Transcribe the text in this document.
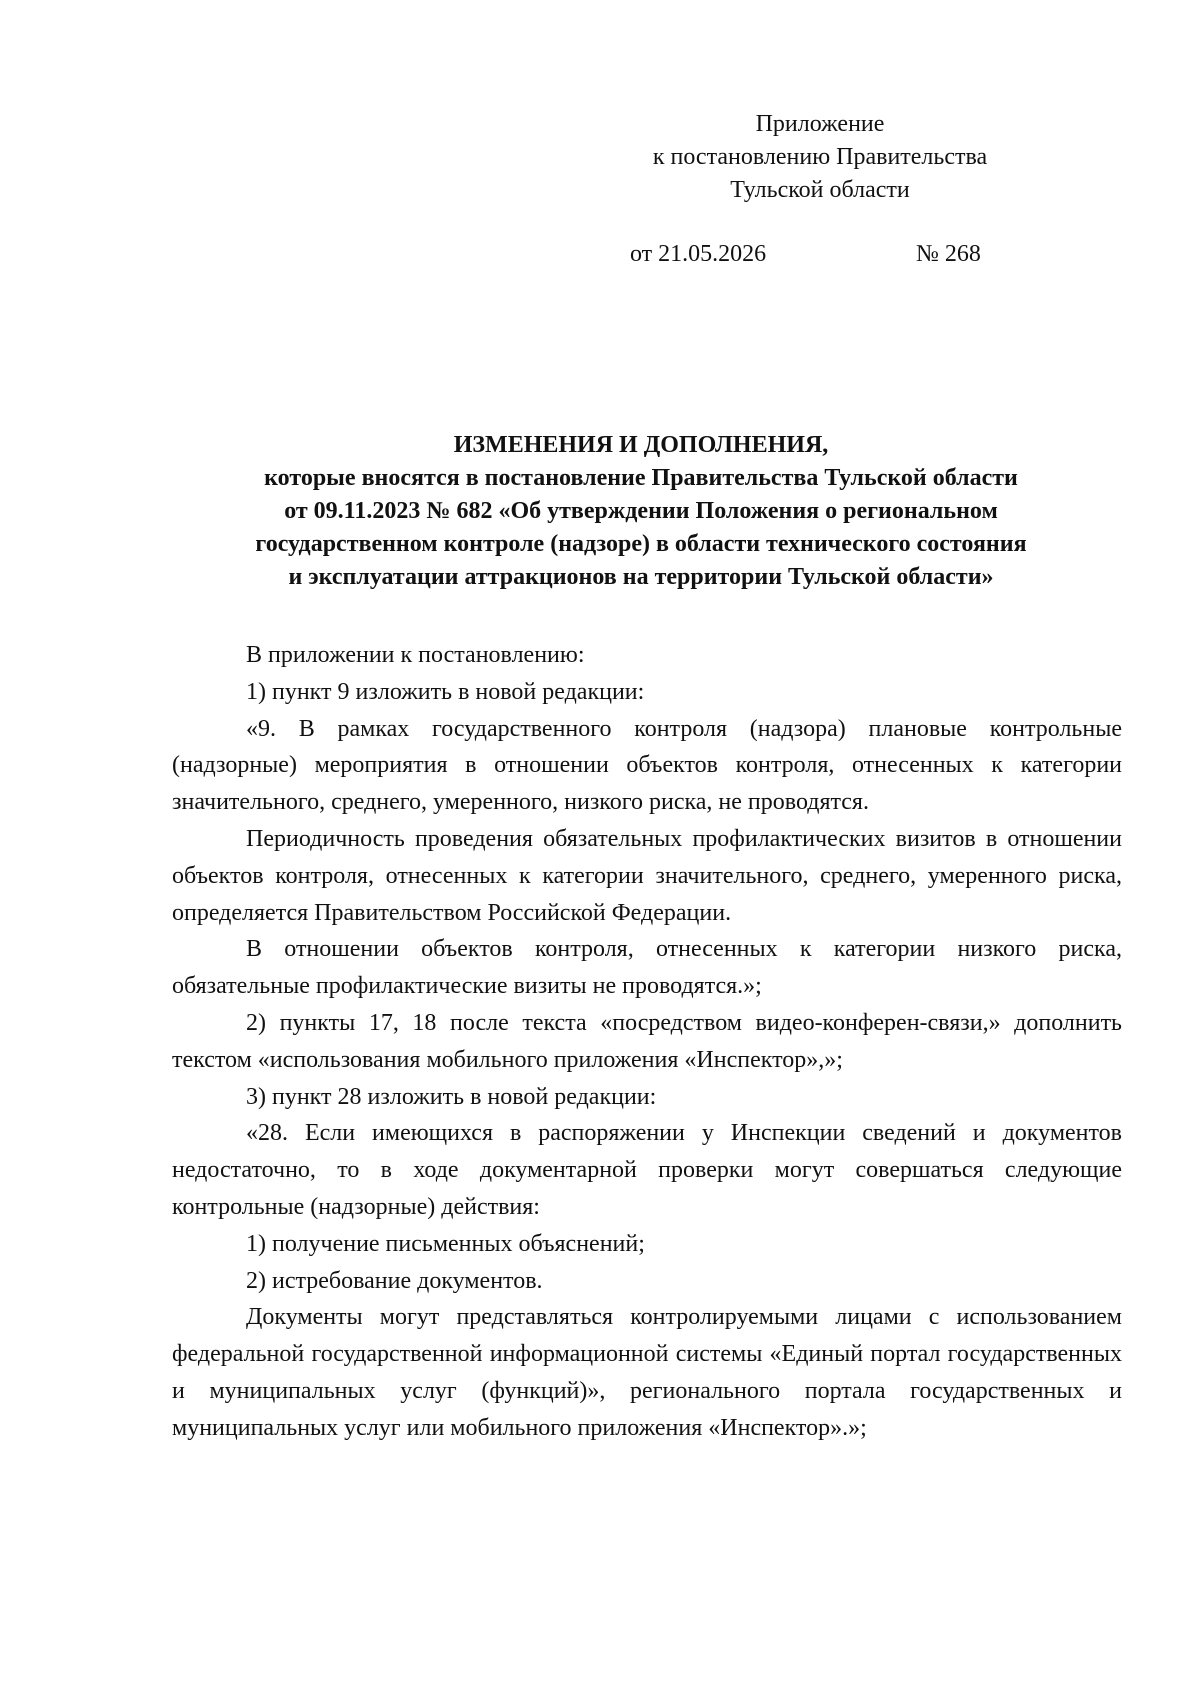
Приложение
к постановлению Правительства
Тульской области
от 21.05.2026	№ 268
ИЗМЕНЕНИЯ И ДОПОЛНЕНИЯ,
которые вносятся в постановление Правительства Тульской области
от 09.11.2023 № 682 «Об утверждении Положения о региональном
государственном контроле (надзоре) в области технического состояния
и эксплуатации аттракционов на территории Тульской области»

В приложении к постановлению:

1) пункт 9 изложить в новой редакции:

«9. В рамках государственного контроля (надзора) плановые контрольные (надзорные) мероприятия в отношении объектов контроля, отнесенных к категории значительного, среднего, умеренного, низкого риска, не проводятся.

Периодичность проведения обязательных профилактических визитов в отношении объектов контроля, отнесенных к категории значительного, среднего, умеренного риска, определяется Правительством Российской Федерации.

В отношении объектов контроля, отнесенных к категории низкого риска, обязательные профилактические визиты не проводятся.»;

2) пункты 17, 18 после текста «посредством видео-конферен-связи,» дополнить текстом «использования мобильного приложения «Инспектор»,»;

3) пункт 28 изложить в новой редакции:

«28. Если имеющихся в распоряжении у Инспекции сведений и документов недостаточно, то в ходе документарной проверки могут совершаться следующие контрольные (надзорные) действия:

1) получение письменных объяснений;

2) истребование документов.

Документы могут представляться контролируемыми лицами с использованием федеральной государственной информационной системы «Единый портал государственных и муниципальных услуг (функций)», регионального портала государственных и муниципальных услуг или мобильного приложения «Инспектор».»;
